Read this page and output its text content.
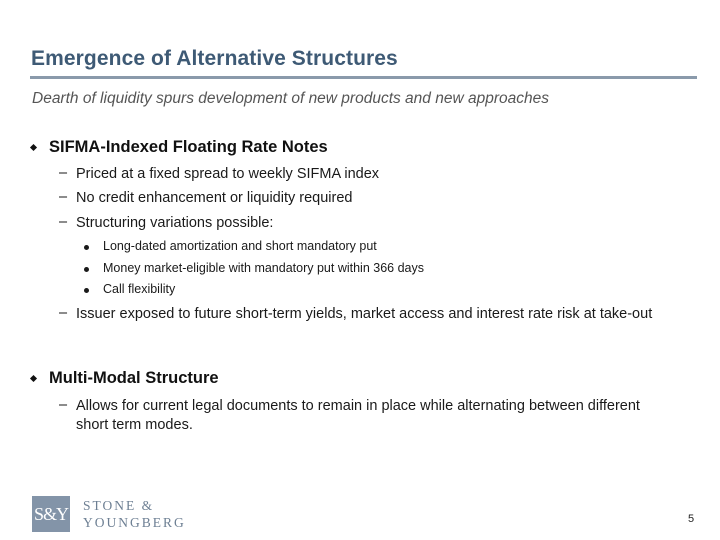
Emergence of Alternative Structures
Dearth of liquidity spurs development of new products and new approaches
SIFMA-Indexed Floating Rate Notes
– Priced at a fixed spread to weekly SIFMA index
– No credit enhancement or liquidity required
– Structuring variations possible:
Long-dated amortization and short mandatory put
Money market-eligible with mandatory put within 366 days
Call flexibility
– Issuer exposed to future short-term yields, market access and interest rate risk at take-out
Multi-Modal Structure
– Allows for current legal documents to remain in place while alternating between different short term modes.
S&Y STONE &
YOUNGBERG	5
